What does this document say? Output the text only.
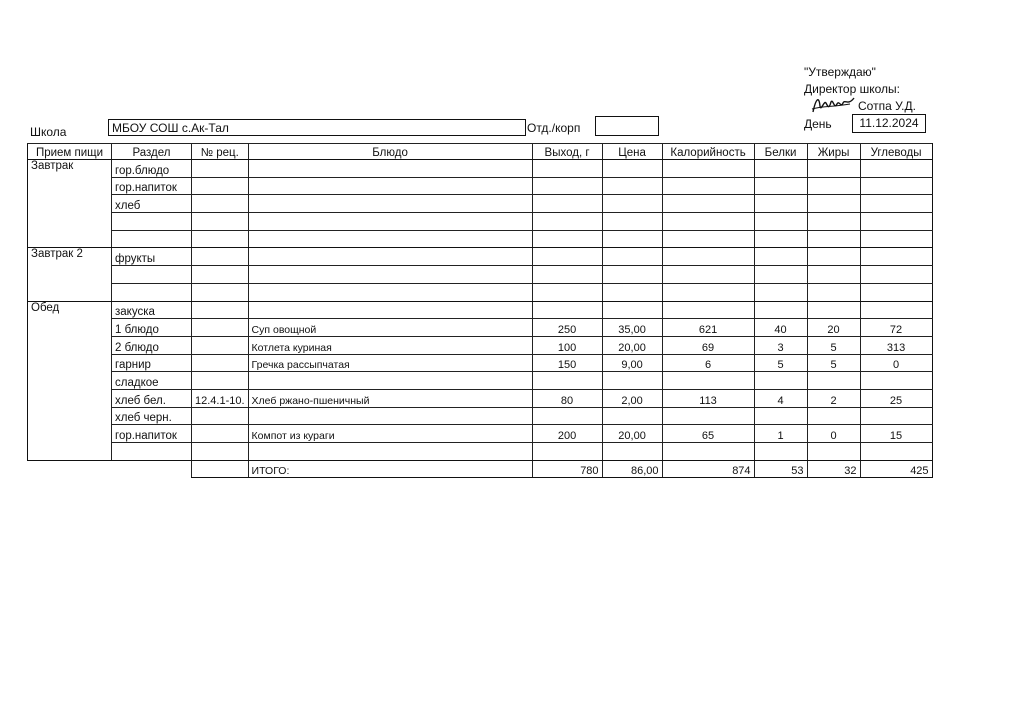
"Утверждаю"
Директор школы:
Сотпа У.Д.
День	11.12.2024
Школа	МБОУ СОШ с.Ак-Тал	Отд./корп
Прием пищи	Раздел	№ рец.	Блюдо	Выход, г	Цена	Калорийность	Белки	Жиры	Углеводы
Завтрак	гор.блюдо								
	гор.напиток								
	хлеб								

Завтрак 2	фрукты								

Обед	закуска								
	1 блюдо		Суп овощной	250	35,00	621	40	20	72
	2 блюдо		Котлета куриная	100	20,00	69	3	5	313
	гарнир		Гречка рассыпчатая	150	9,00	6	5	5	0
	сладкое								
	хлеб бел.	12.4.1-10.	Хлеб ржано-пшеничный	80	2,00	113	4	2	25
	хлеб черн.								
	гор.напиток		Компот из кураги	200	20,00	65	1	0	15

			ИТОГО:	780	86,00	874	53	32	425
